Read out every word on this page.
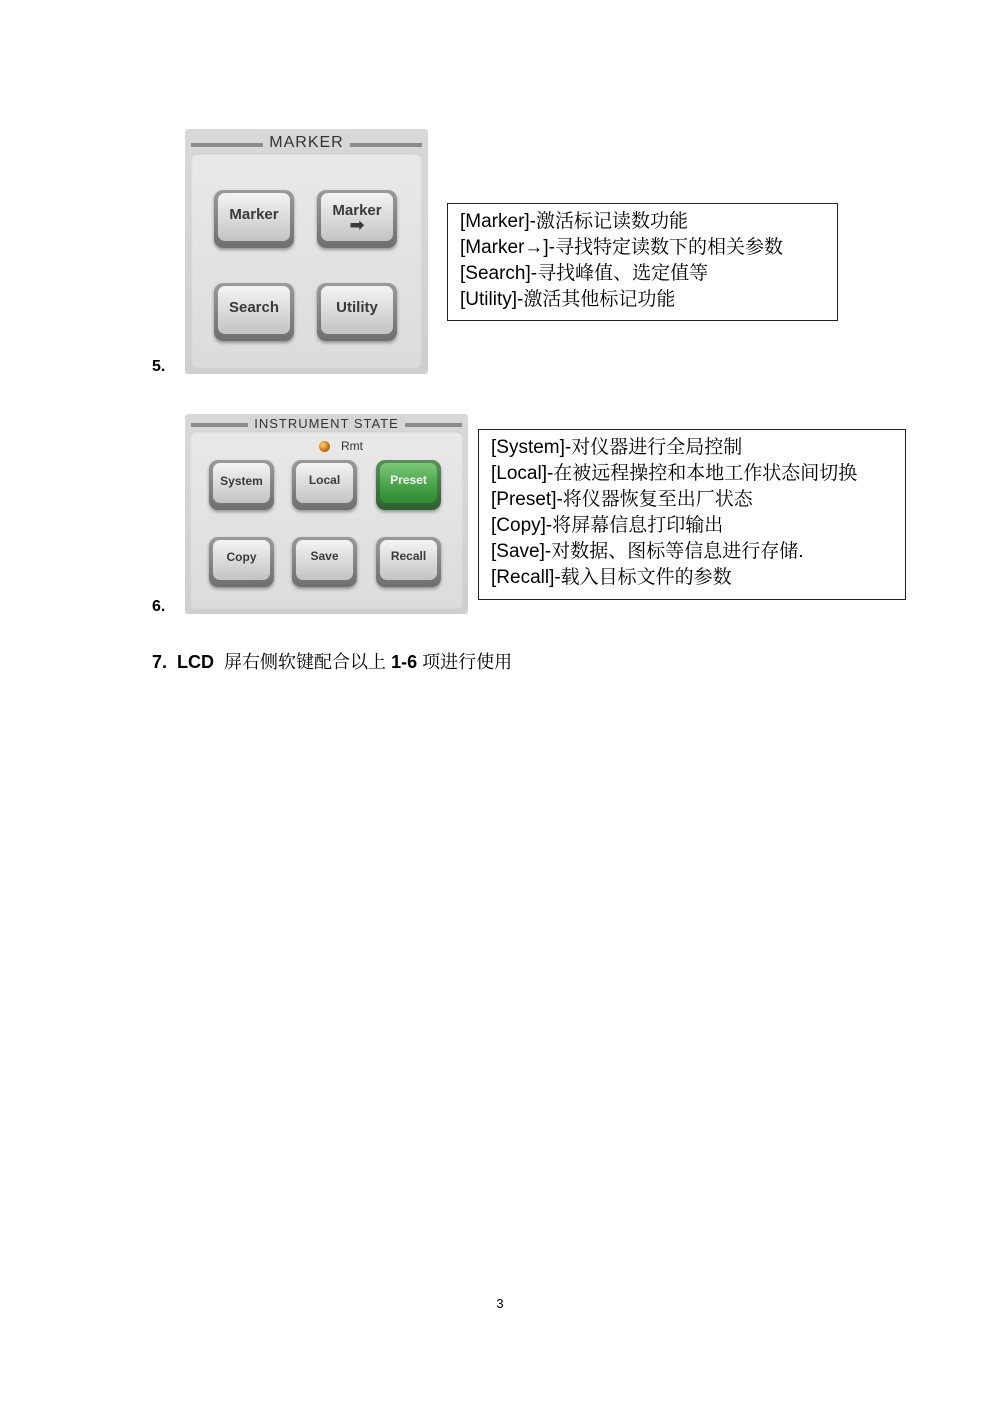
5.
MARKER
Marker	Marker
➡
Search	Utility
[Marker]-激活标记读数功能
[Marker→]-寻找特定读数下的相关参数
[Search]-寻找峰值、选定值等
[Utility]-激活其他标记功能
6.
INSTRUMENT STATE
Rmt
System	Local	Preset
Copy	Save	Recall
[System]-对仪器进行全局控制
[Local]-在被远程操控和本地工作状态间切换
[Preset]-将仪器恢复至出厂状态
[Copy]-将屏幕信息打印输出
[Save]-对数据、图标等信息进行存储.
[Recall]-载入目标文件的参数
7. LCD 屏右侧软键配合以上 1-6 项进行使用
3
